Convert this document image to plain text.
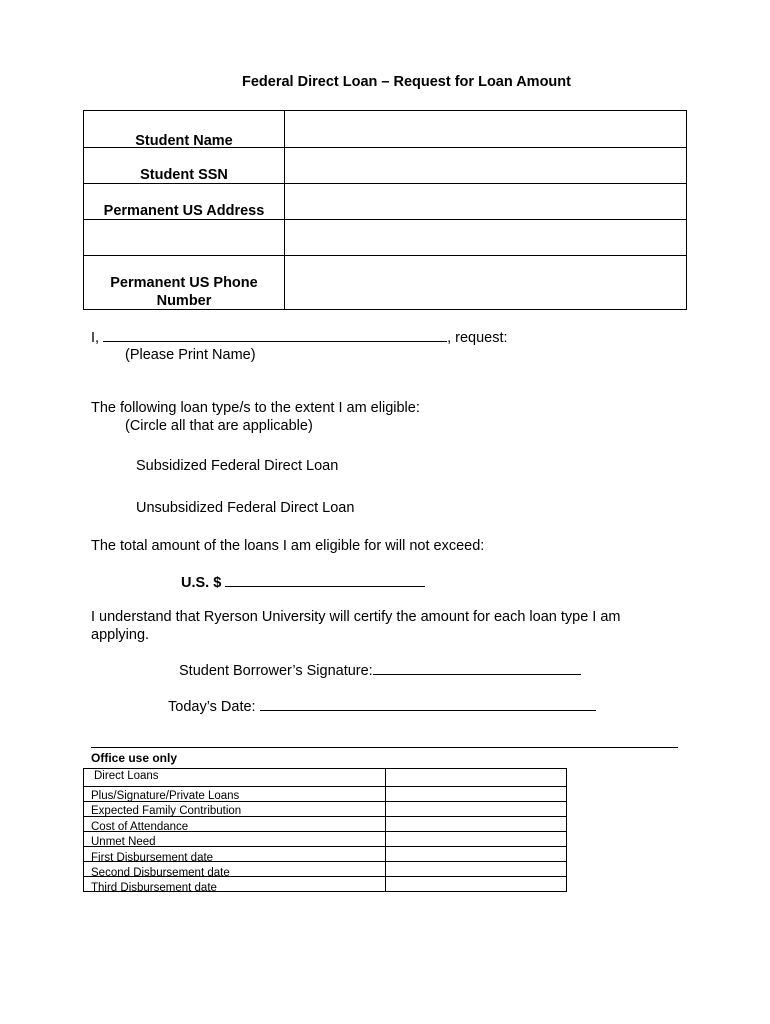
Federal Direct Loan – Request for Loan Amount
Student Name
Student SSN
Permanent US Address
Permanent US Phone
Number
I,	, request:
(Please Print Name)
The following loan type/s to the extent I am eligible:
(Circle all that are applicable)
Subsidized Federal Direct Loan
Unsubsidized Federal Direct Loan
The total amount of the loans I am eligible for will not exceed:
U.S. $
I understand that Ryerson University will certify the amount for each loan type I am
applying.
Student Borrower’s Signature:
Today’s Date:
Office use only
Direct Loans
Plus/Signature/Private Loans
Expected Family Contribution
Cost of Attendance
Unmet Need
First Disbursement date
Second Disbursement date
Third Disbursement date
